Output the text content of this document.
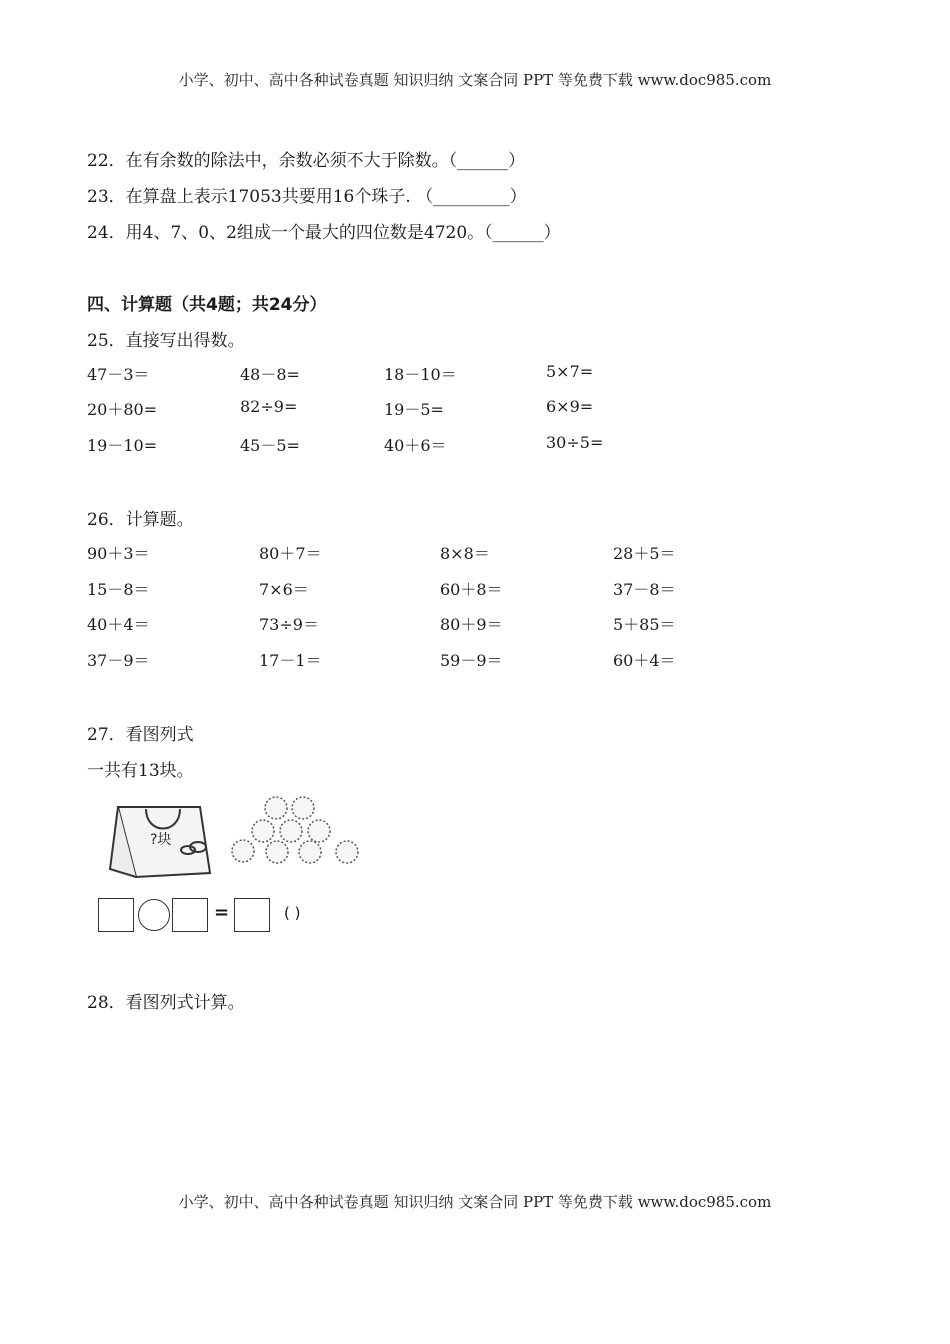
小学、初中、高中各种试卷真题 知识归纳 文案合同 PPT 等免费下载 www.doc985.com
22．在有余数的除法中，余数必须不大于除数。（______）
23．在算盘上表示17053共要用16个珠子. （_________）
24．用4、7、0、2组成一个最大的四位数是4720。（______）
四、计算题（共4题；共24分）
25．直接写出得数。
47－3＝	48－8=	18－10＝	5×7=
20＋80=	82÷9=	19－5=	6×9=
19－10=	45－5=	40＋6＝	30÷5=
26．计算题。
90＋3＝	80＋7＝	8×8＝	28＋5＝
15－8＝	7×6＝	60＋8＝	37－8＝
40＋4＝	73÷9＝	80＋9＝	5＋85＝
37－9＝	17－1＝	59－9＝	60＋4＝
27．看图列式
一共有13块。
?块
=	( )
28．看图列式计算。
小学、初中、高中各种试卷真题 知识归纳 文案合同 PPT 等免费下载 www.doc985.com
